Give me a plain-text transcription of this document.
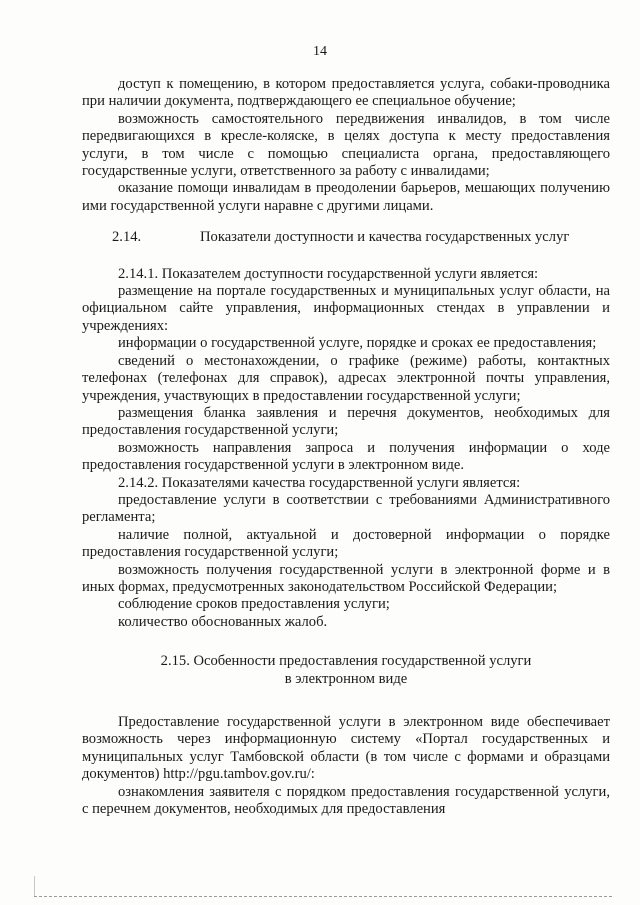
14

доступ к помещению, в котором предоставляется услуга, собаки-проводника при наличии документа, подтверждающего ее специальное обучение;

возможность самостоятельного передвижения инвалидов, в том числе передвигающихся в кресле-коляске, в целях доступа к месту предоставления услуги, в том числе с помощью специалиста органа, предоставляющего государственные услуги, ответственного за работу с инвалидами;

оказание помощи инвалидам в преодолении барьеров, мешающих получению ими государственной услуги наравне с другими лицами.

2.14.	Показатели доступности и качества государственных услуг

2.14.1. Показателем доступности государственной услуги является:

размещение на портале государственных и муниципальных услуг области, на официальном сайте управления, информационных стендах в управлении и учреждениях:

информации о государственной услуге, порядке и сроках ее предоставления;

сведений о местонахождении, о графике (режиме) работы, контактных телефонах (телефонах для справок), адресах электронной почты управления, учреждения, участвующих в предоставлении государственной услуги;

размещения бланка заявления и перечня документов, необходимых для предоставления государственной услуги;

возможность направления запроса и получения информации о ходе предоставления государственной услуги в электронном виде.

2.14.2. Показателями качества государственной услуги является:

предоставление услуги в соответствии с требованиями Административного регламента;

наличие полной, актуальной и достоверной информации о порядке предоставления государственной услуги;

возможность получения государственной услуги в электронной форме и в иных формах, предусмотренных законодательством Российской Федерации;

соблюдение сроков предоставления услуги;

количество обоснованных жалоб.

2.15. Особенности предоставления государственной услуги

в электронном виде

Предоставление государственной услуги в электронном виде обеспечивает возможность через информационную систему «Портал государственных и муниципальных услуг Тамбовской области (в том числе с формами и образцами документов) http://pgu.tambov.gov.ru/:

ознакомления заявителя с порядком предоставления государственной услуги, с перечнем документов, необходимых для предоставления
